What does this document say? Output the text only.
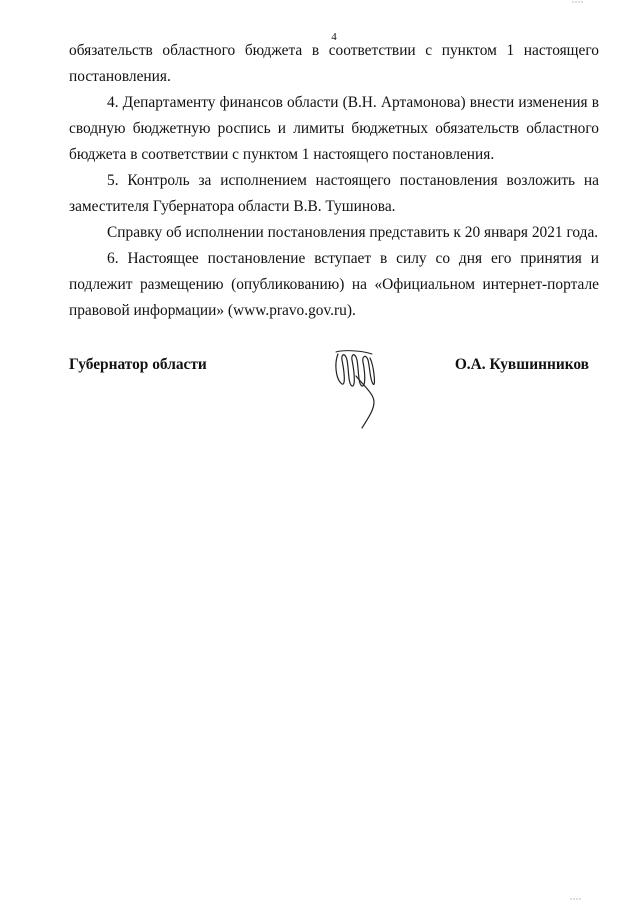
4

обязательств областного бюджета в соответствии с пунктом 1 настоящего постановления.

4. Департаменту финансов области (В.Н. Артамонова) внести изменения в сводную бюджетную роспись и лимиты бюджетных обязательств областного бюджета в соответствии с пунктом 1 настоящего постановления.

5. Контроль за исполнением настоящего постановления возложить на заместителя Губернатора области В.В. Тушинова.

Справку об исполнении постановления представить к 20 января 2021 года.

6. Настоящее постановление вступает в силу со дня его принятия и подлежит размещению (опубликованию) на «Официальном интернет-портале правовой информации» (www.pravo.gov.ru).

Губернатор области	О.А. Кувшинников
